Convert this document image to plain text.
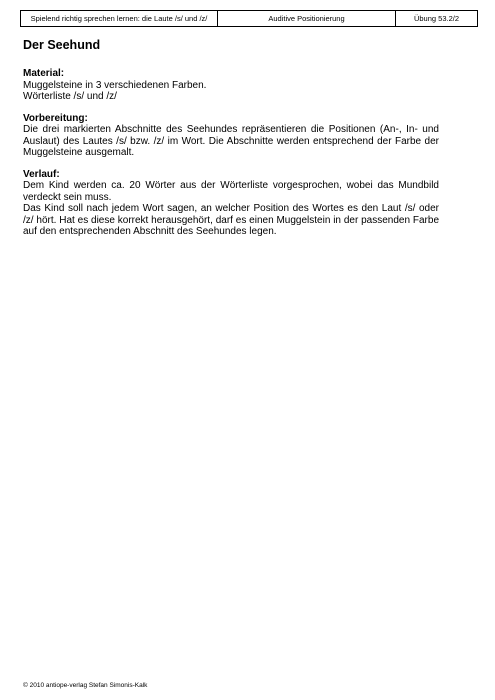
Spielend richtig sprechen lernen: die Laute /s/ und /z/	Auditive Positionierung	Übung 53.2/2
Der Seehund
Material:
Muggelsteine in 3 verschiedenen Farben.
Wörterliste /s/ und /z/
Vorbereitung:
Die drei markierten Abschnitte des Seehundes repräsentieren die Positionen (An-, In- und Auslaut) des Lautes /s/ bzw. /z/ im Wort. Die Abschnitte werden entsprechend der Farbe der Muggelsteine ausgemalt.
Verlauf:
Dem Kind werden ca. 20 Wörter aus der Wörterliste vorgesprochen, wobei das Mundbild verdeckt sein muss.
Das Kind soll nach jedem Wort sagen, an welcher Position des Wortes es den Laut /s/ oder /z/ hört. Hat es diese korrekt herausgehört, darf es einen Muggelstein in der passenden Farbe auf den entsprechenden Abschnitt des Seehundes legen.
© 2010 antiope-verlag Stefan Simonis-Kalk
